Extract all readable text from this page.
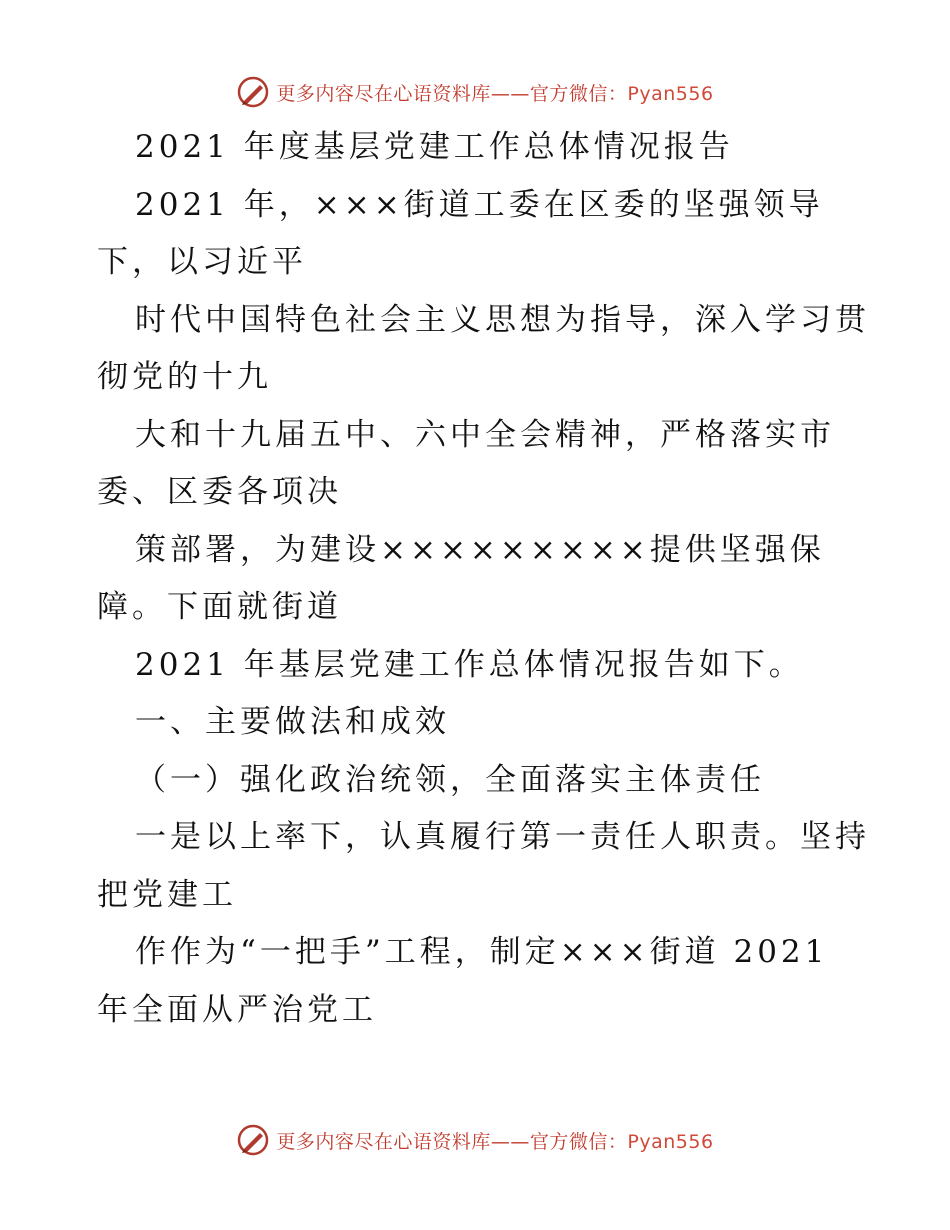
更多内容尽在心语资料库——官方微信：Pyan556
2021 年度基层党建工作总体情况报告
2021 年，×××街道工委在区委的坚强领导
下，以习近平
时代中国特色社会主义思想为指导，深入学习贯
彻党的十九
大和十九届五中、六中全会精神，严格落实市
委、区委各项决
策部署，为建设×××××××××提供坚强保
障。下面就街道
2021 年基层党建工作总体情况报告如下。
一、主要做法和成效
（一）强化政治统领，全面落实主体责任
一是以上率下，认真履行第一责任人职责。坚持
把党建工
作作为“一把手”工程，制定×××街道 2021
年全面从严治党工
更多内容尽在心语资料库——官方微信：Pyan556
